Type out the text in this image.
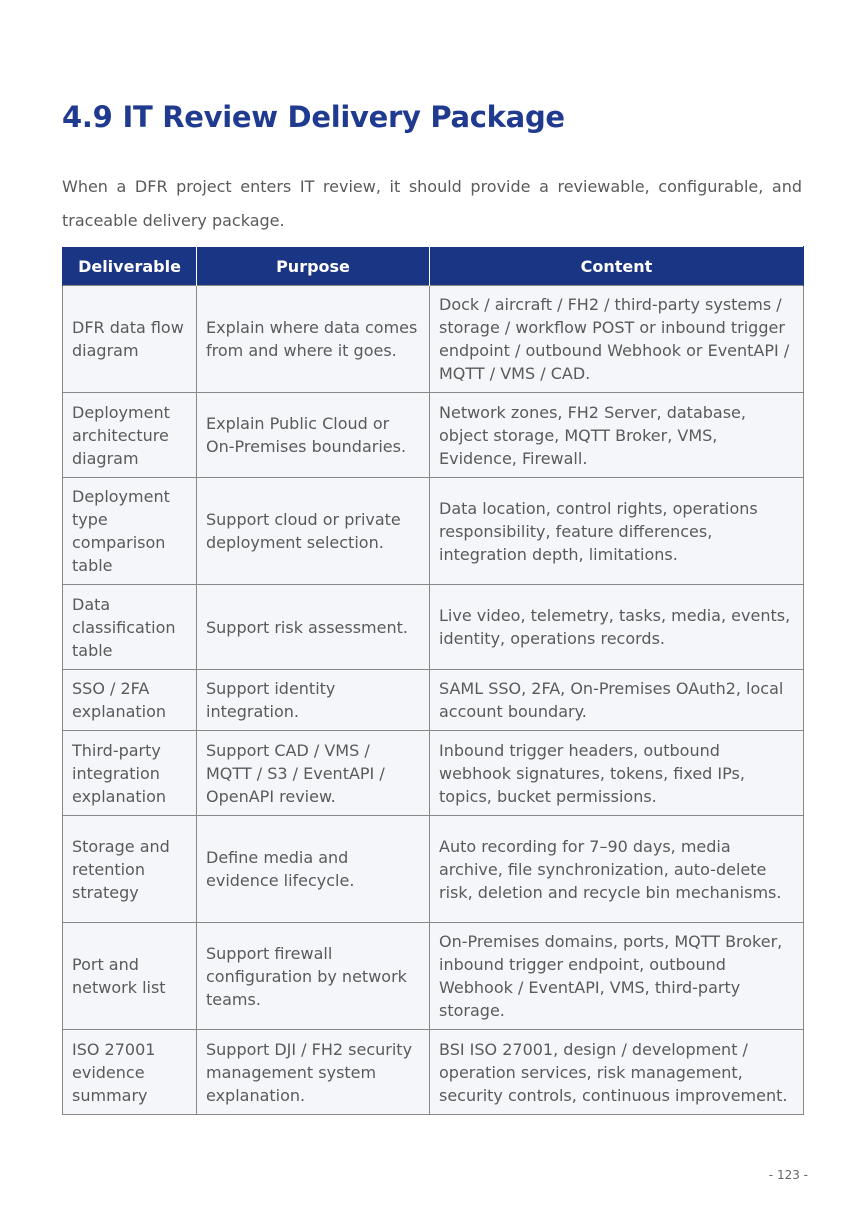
4.9 IT Review Delivery Package

When a DFR project enters IT review, it should provide a reviewable, configurable, and traceable delivery package.

Deliverable	Purpose	Content
DFR data flow diagram	Explain where data comes from and where it goes.	Dock / aircraft / FH2 / third-party systems / storage / workflow POST or inbound trigger endpoint / outbound Webhook or EventAPI / MQTT / VMS / CAD.
Deployment architecture diagram	Explain Public Cloud or On-Premises boundaries.	Network zones, FH2 Server, database, object storage, MQTT Broker, VMS, Evidence, Firewall.
Deployment type comparison table	Support cloud or private deployment selection.	Data location, control rights, operations responsibility, feature differences, integration depth, limitations.
Data classification table	Support risk assessment.	Live video, telemetry, tasks, media, events, identity, operations records.
SSO / 2FA explanation	Support identity integration.	SAML SSO, 2FA, On-Premises OAuth2, local account boundary.
Third-party integration explanation	Support CAD / VMS / MQTT / S3 / EventAPI / OpenAPI review.	Inbound trigger headers, outbound webhook signatures, tokens, fixed IPs, topics, bucket permissions.
Storage and retention strategy	Define media and evidence lifecycle.	Auto recording for 7–90 days, media archive, file synchronization, auto-delete risk, deletion and recycle bin mechanisms.
Port and network list	Support firewall configuration by network teams.	On-Premises domains, ports, MQTT Broker, inbound trigger endpoint, outbound Webhook / EventAPI, VMS, third-party storage.
ISO 27001 evidence summary	Support DJI / FH2 security management system explanation.	BSI ISO 27001, design / development / operation services, risk management, security controls, continuous improvement.
- 123 -
